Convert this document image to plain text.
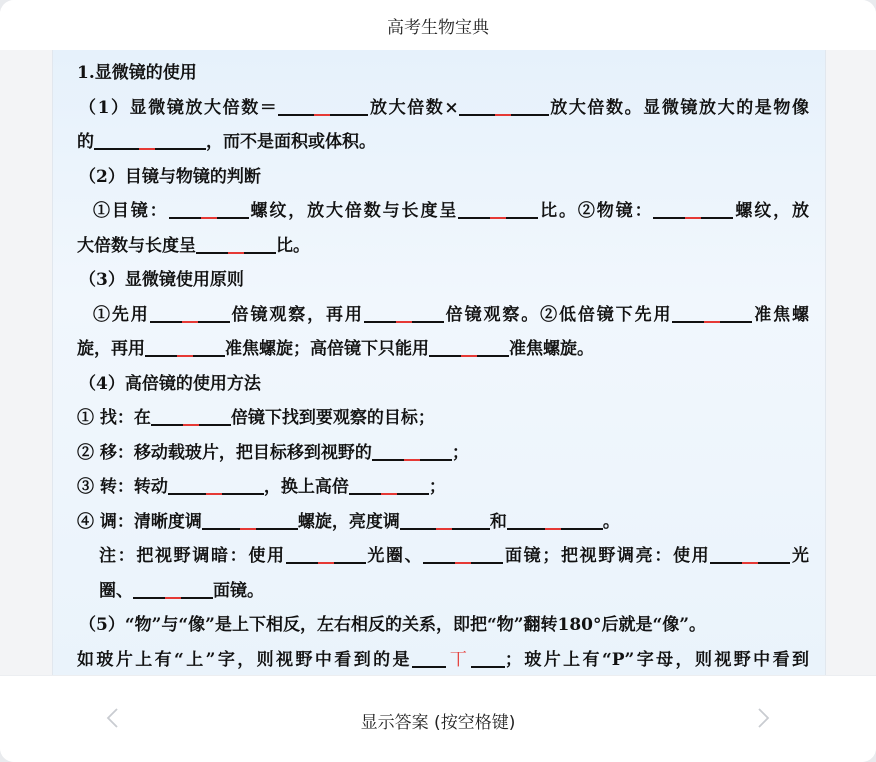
高考生物宝典
1.显微镜的使用
（1）显微镜放大倍数＝	放大倍数×	放大倍数。显微镜放大的是物像
的	，而不是面积或体积。
（2）目镜与物镜的判断
①目镜：	螺纹，放大倍数与长度呈	比。②物镜：	螺纹，放
大倍数与长度呈	比。
（3）显微镜使用原则
①先用	倍镜观察，再用	倍镜观察。②低倍镜下先用	准焦螺
旋，再用	准焦螺旋；高倍镜下只能用	准焦螺旋。
（4）高倍镜的使用方法
① 找：在	倍镜下找到要观察的目标；
② 移：移动载玻片，把目标移到视野的	；
③ 转：转动	，换上高倍	；
④ 调：清晰度调	螺旋，亮度调	和	。
注：把视野调暗：使用	光圈、	面镜；把视野调亮：使用	光
圈、	面镜。
（5）“物”与“像”是上下相反，左右相反的关系，即把“物”翻转180°后就是“像”。
如玻片上有“上”字，则视野中看到的是 丅 ；玻片上有“P”字母，则视野中看到
显示答案 (按空格键)
